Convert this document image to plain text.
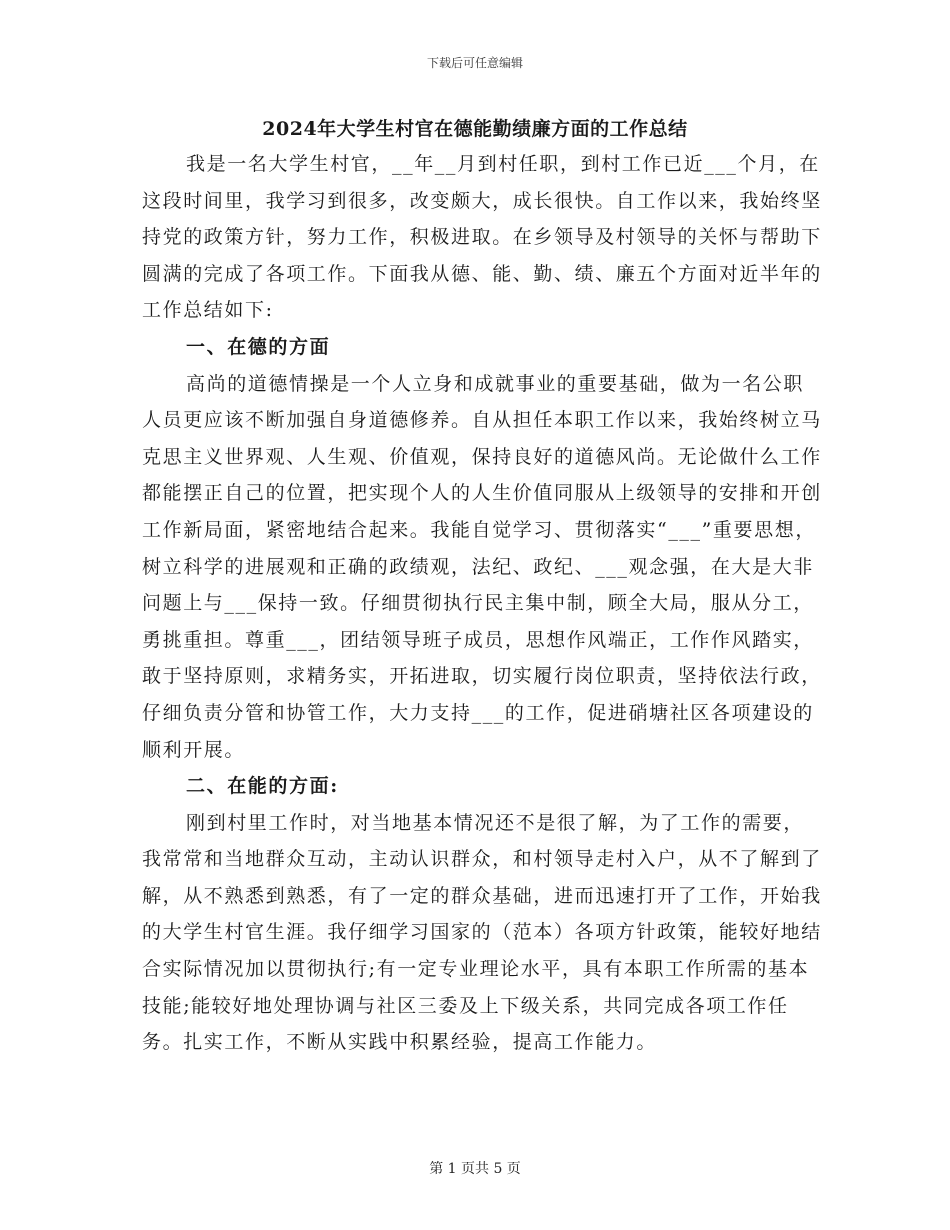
下载后可任意编辑
2024年大学生村官在德能勤绩廉方面的工作总结

我是一名大学生村官，__年__月到村任职，到村工作已近___个月，在这段时间里，我学习到很多，改变颇大，成长很快。自工作以来，我始终坚持党的政策方针，努力工作，积极进取。在乡领导及村领导的关怀与帮助下圆满的完成了各项工作。下面我从德、能、勤、绩、廉五个方面对近半年的工作总结如下:

一、在德的方面

高尚的道德情操是一个人立身和成就事业的重要基础，做为一名公职人员更应该不断加强自身道德修养。自从担任本职工作以来，我始终树立马克思主义世界观、人生观、价值观，保持良好的道德风尚。无论做什么工作都能摆正自己的位置，把实现个人的人生价值同服从上级领导的安排和开创工作新局面，紧密地结合起来。我能自觉学习、贯彻落实“___”重要思想，树立科学的进展观和正确的政绩观，法纪、政纪、___观念强，在大是大非问题上与___保持一致。仔细贯彻执行民主集中制，顾全大局，服从分工，勇挑重担。尊重___，团结领导班子成员，思想作风端正，工作作风踏实，敢于坚持原则，求精务实，开拓进取，切实履行岗位职责，坚持依法行政，仔细负责分管和协管工作，大力支持___的工作，促进硝塘社区各项建设的顺利开展。

二、在能的方面:

刚到村里工作时，对当地基本情况还不是很了解，为了工作的需要，我常常和当地群众互动，主动认识群众，和村领导走村入户，从不了解到了解，从不熟悉到熟悉，有了一定的群众基础，进而迅速打开了工作，开始我的大学生村官生涯。我仔细学习国家的（范本）各项方针政策，能较好地结合实际情况加以贯彻执行;有一定专业理论水平，具有本职工作所需的基本技能;能较好地处理协调与社区三委及上下级关系，共同完成各项工作任务。扎实工作，不断从实践中积累经验，提高工作能力。

第 1 页共 5 页
